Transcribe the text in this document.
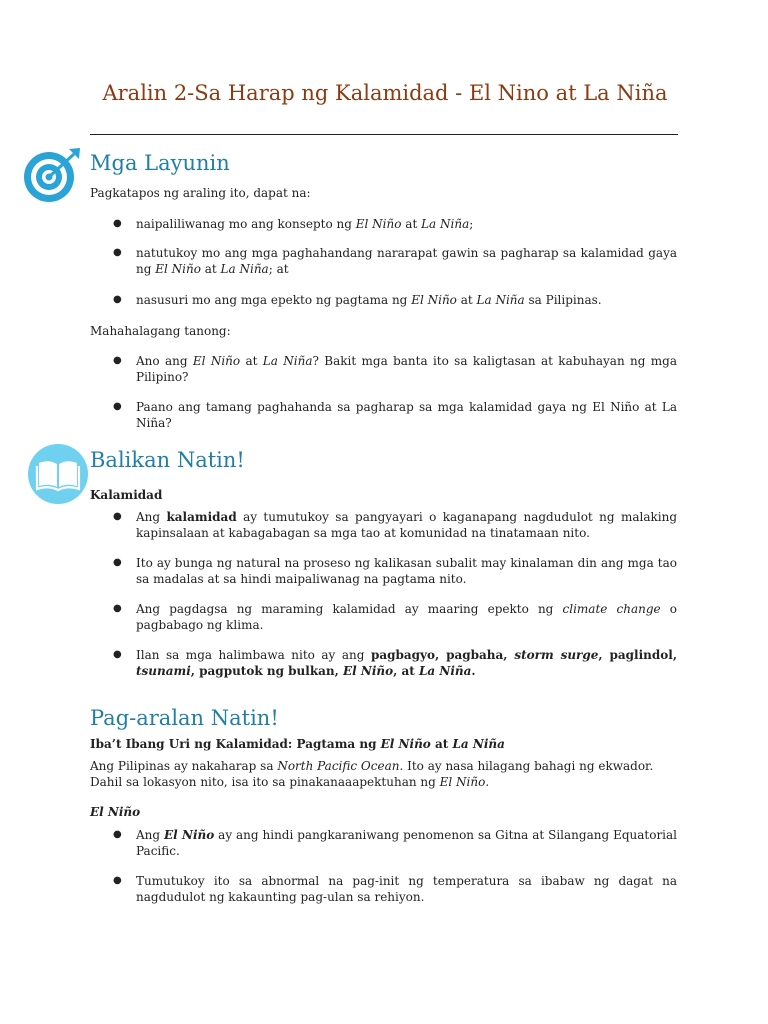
Aralin 2-Sa Harap ng Kalamidad - El Nino at La Niña
Mga Layunin

Pagkatapos ng araling ito, dapat na:

● naipaliliwanag mo ang konsepto ng El Niño at La Niña;
● natutukoy mo ang mga paghahandang nararapat gawin sa pagharap sa kalamidad gaya ng El Niño at La Niña; at
● nasusuri mo ang mga epekto ng pagtama ng El Niño at La Niña sa Pilipinas.

Mahahalagang tanong:

● Ano ang El Niño at La Niña? Bakit mga banta ito sa kaligtasan at kabuhayan ng mga Pilipino?
● Paano ang tamang paghahanda sa pagharap sa mga kalamidad gaya ng El Niño at La Niña?
Balikan Natin!

Kalamidad

● Ang kalamidad ay tumutukoy sa pangyayari o kaganapang nagdudulot ng malaking kapinsalaan at kabagabagan sa mga tao at komunidad na tinatamaan nito.
● Ito ay bunga ng natural na proseso ng kalikasan subalit may kinalaman din ang mga tao sa madalas at sa hindi maipaliwanag na pagtama nito.
● Ang pagdagsa ng maraming kalamidad ay maaring epekto ng climate change o pagbabago ng klima.
● Ilan sa mga halimbawa nito ay ang pagbagyo, pagbaha, storm surge, paglindol, tsunami, pagputok ng bulkan, El Niño, at La Niña.
Pag-aralan Natin!

Iba’t Ibang Uri ng Kalamidad: Pagtama ng El Niño at La Niña

Ang Pilipinas ay nakaharap sa North Pacific Ocean. Ito ay nasa hilagang bahagi ng ekwador. Dahil sa lokasyon nito, isa ito sa pinakanaaapektuhan ng El Niño.

El Niño

● Ang El Niño ay ang hindi pangkaraniwang penomenon sa Gitna at Silangang Equatorial Pacific.
● Tumutukoy ito sa abnormal na pag-init ng temperatura sa ibabaw ng dagat na nagdudulot ng kakaunting pag-ulan sa rehiyon.
